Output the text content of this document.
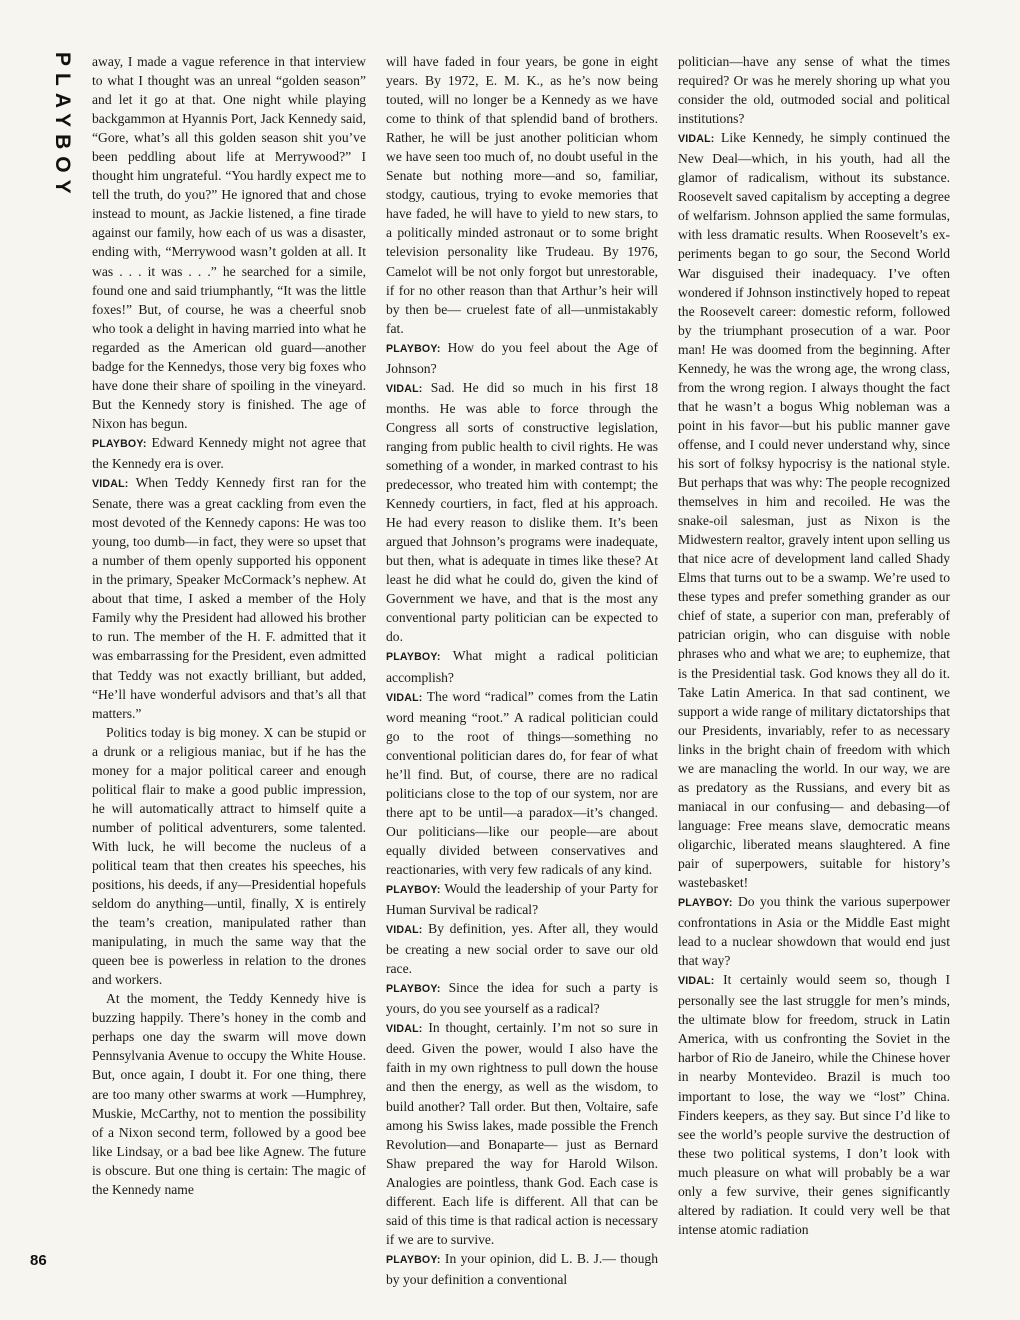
PLAYBOY
86

away, I made a vague reference in that interview to what I thought was an unreal “golden season” and let it go at that. One night while playing backgammon at Hyannis Port, Jack Kennedy said, “Gore, what’s all this golden season shit you’ve been peddling about life at Merrywood?” I thought him ungrateful. “You hardly expect me to tell the truth, do you?” He ignored that and chose instead to mount, as Jackie listened, a fine tirade against our family, how each of us was a disaster, ending with, “Merrywood wasn’t golden at all. It was . . . it was . . .” he searched for a simile, found one and said triumphantly, “It was the little foxes!” But, of course, he was a cheerful snob who took a delight in having married into what he regarded as the American old guard—another badge for the Kennedys, those very big foxes who have done their share of spoiling in the vineyard. But the Kennedy story is finished. The age of Nixon has begun.

PLAYBOY: Edward Kennedy might not agree that the Kennedy era is over.

VIDAL: When Teddy Kennedy first ran for the Senate, there was a great cackling from even the most devoted of the Kennedy capons: He was too young, too dumb—in fact, they were so upset that a number of them openly supported his opponent in the primary, Speaker McCormack’s nephew. At about that time, I asked a member of the Holy Family why the President had allowed his brother to run. The member of the H. F. admitted that it was embarrassing for the President, even admitted that Teddy was not exactly brilliant, but added, “He’ll have wonderful advisors and that’s all that matters.”

Politics today is big money. X can be stupid or a drunk or a religious maniac, but if he has the money for a major political career and enough political flair to make a good public impression, he will automatically attract to himself quite a number of political adventurers, some talented. With luck, he will become the nucleus of a political team that then creates his speeches, his positions, his deeds, if any—Presidential hopefuls seldom do anything—until, finally, X is entirely the team’s creation, manipulated rather than manipulating, in much the same way that the queen bee is powerless in relation to the drones and workers.

At the moment, the Teddy Kennedy hive is buzzing happily. There’s honey in the comb and perhaps one day the swarm will move down Pennsylvania Avenue to occupy the White House. But, once again, I doubt it. For one thing, there are too many other swarms at work —Humphrey, Muskie, McCarthy, not to mention the possibility of a Nixon second term, followed by a good bee like Lindsay, or a bad bee like Agnew. The future is obscure. But one thing is certain: The magic of the Kennedy name

will have faded in four years, be gone in eight years. By 1972, E. M. K., as he’s now being touted, will no longer be a Kennedy as we have come to think of that splendid band of brothers. Rather, he will be just another politician whom we have seen too much of, no doubt useful in the Senate but nothing more—and so, familiar, stodgy, cautious, trying to evoke memories that have faded, he will have to yield to new stars, to a politically minded astronaut or to some bright television personality like Trudeau. By 1976, Camelot will be not only forgot but unrestorable, if for no other reason than that Arthur’s heir will by then be— cruelest fate of all—unmistakably fat.

PLAYBOY: How do you feel about the Age of Johnson?

VIDAL: Sad. He did so much in his first 18 months. He was able to force through the Congress all sorts of constructive legislation, ranging from public health to civil rights. He was something of a wonder, in marked contrast to his predecessor, who treated him with contempt; the Kennedy courtiers, in fact, fled at his approach. He had every reason to dislike them. It’s been argued that Johnson’s programs were inadequate, but then, what is adequate in times like these? At least he did what he could do, given the kind of Government we have, and that is the most any conventional party politician can be expected to do.

PLAYBOY: What might a radical politician accomplish?

VIDAL: The word “radical” comes from the Latin word meaning “root.” A radical politician could go to the root of things—something no conventional politician dares do, for fear of what he’ll find. But, of course, there are no radical politicians close to the top of our system, nor are there apt to be until—a paradox—it’s changed. Our politicians—like our people—are about equally divided between conservatives and reactionaries, with very few radicals of any kind.

PLAYBOY: Would the leadership of your Party for Human Survival be radical?

VIDAL: By definition, yes. After all, they would be creating a new social order to save our old race.

PLAYBOY: Since the idea for such a party is yours, do you see yourself as a radical?

VIDAL: In thought, certainly. I’m not so sure in deed. Given the power, would I also have the faith in my own rightness to pull down the house and then the energy, as well as the wisdom, to build another? Tall order. But then, Voltaire, safe among his Swiss lakes, made possible the French Revolution—and Bonaparte— just as Bernard Shaw prepared the way for Harold Wilson. Analogies are pointless, thank God. Each case is different. Each life is different. All that can be said of this time is that radical action is necessary if we are to survive.

PLAYBOY: In your opinion, did L. B. J.— though by your definition a conventional

politician—have any sense of what the times required? Or was he merely shoring up what you consider the old, outmoded social and political institutions?

VIDAL: Like Kennedy, he simply continued the New Deal—which, in his youth, had all the glamor of radicalism, without its substance. Roosevelt saved capitalism by accepting a degree of welfarism. Johnson applied the same formulas, with less dramatic results. When Roosevelt’s experiments began to go sour, the Second World War disguised their inadequacy. I’ve often wondered if Johnson instinctively hoped to repeat the Roosevelt career: domestic reform, followed by the triumphant prosecution of a war. Poor man! He was doomed from the beginning. After Kennedy, he was the wrong age, the wrong class, from the wrong region. I always thought the fact that he wasn’t a bogus Whig nobleman was a point in his favor—but his public manner gave offense, and I could never understand why, since his sort of folksy hypocrisy is the national style. But perhaps that was why: The people recognized themselves in him and recoiled. He was the snake-oil salesman, just as Nixon is the Midwestern realtor, gravely intent upon selling us that nice acre of development land called Shady Elms that turns out to be a swamp. We’re used to these types and prefer something grander as our chief of state, a superior con man, preferably of patrician origin, who can disguise with noble phrases who and what we are; to euphemize, that is the Presidential task. God knows they all do it. Take Latin America. In that sad continent, we support a wide range of military dictatorships that our Presidents, invariably, refer to as necessary links in the bright chain of freedom with which we are manacling the world. In our way, we are as predatory as the Russians, and every bit as maniacal in our confusing— and debasing—of language: Free means slave, democratic means oligarchic, liberated means slaughtered. A fine pair of superpowers, suitable for history’s wastebasket!

PLAYBOY: Do you think the various superpower confrontations in Asia or the Middle East might lead to a nuclear showdown that would end just that way?

VIDAL: It certainly would seem so, though I personally see the last struggle for men’s minds, the ultimate blow for freedom, struck in Latin America, with us confronting the Soviet in the harbor of Rio de Janeiro, while the Chinese hover in nearby Montevideo. Brazil is much too important to lose, the way we “lost” China. Finders keepers, as they say. But since I’d like to see the world’s people survive the destruction of these two political systems, I don’t look with much pleasure on what will probably be a war only a few survive, their genes significantly altered by radiation. It could very well be that intense atomic radiation
